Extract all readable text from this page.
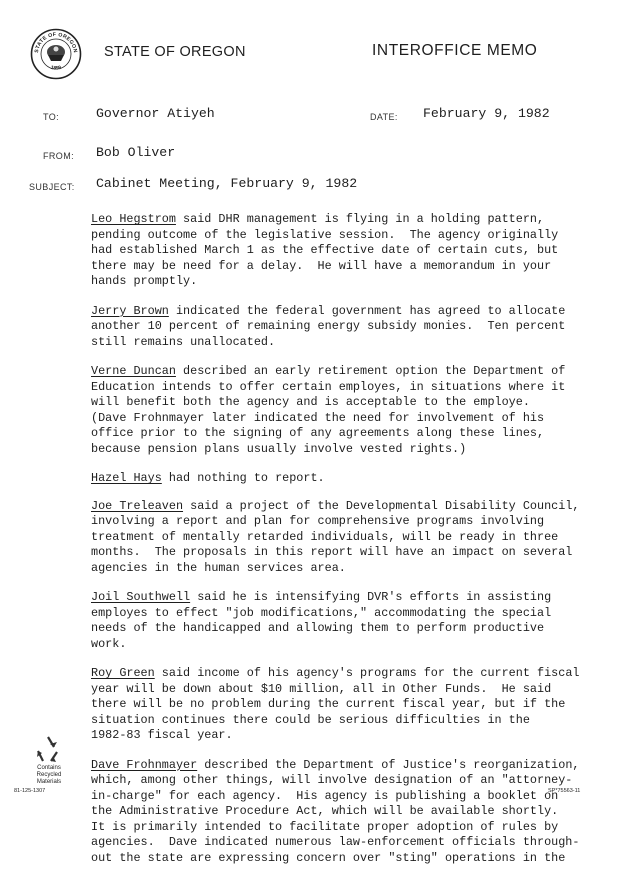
STATE OF OREGON
1859
STATE OF OREGON	INTEROFFICE MEMO
TO:	Governor Atiyeh	DATE: February 9, 1982
FROM: Bob Oliver
SUBJECT: Cabinet Meeting, February 9, 1982

Leo Hegstrom said DHR management is flying in a holding pattern,
pending outcome of the legislative session.  The agency originally
had established March 1 as the effective date of certain cuts, but
there may be need for a delay.  He will have a memorandum in your
hands promptly.

Jerry Brown indicated the federal government has agreed to allocate
another 10 percent of remaining energy subsidy monies.  Ten percent
still remains unallocated.

Verne Duncan described an early retirement option the Department of
Education intends to offer certain employes, in situations where it
will benefit both the agency and is acceptable to the employe.
(Dave Frohnmayer later indicated the need for involvement of his
office prior to the signing of any agreements along these lines,
because pension plans usually involve vested rights.)

Hazel Hays had nothing to report.

Joe Treleaven said a project of the Developmental Disability Council,
involving a report and plan for comprehensive programs involving
treatment of mentally retarded individuals, will be ready in three
months.  The proposals in this report will have an impact on several
agencies in the human services area.

Joil Southwell said he is intensifying DVR's efforts in assisting
employes to effect "job modifications," accommodating the special
needs of the handicapped and allowing them to perform productive
work.

Roy Green said income of his agency's programs for the current fiscal
year will be down about $10 million, all in Other Funds.  He said
there will be no problem during the current fiscal year, but if the
situation continues there could be serious difficulties in the
1982-83 fiscal year.

Dave Frohnmayer described the Department of Justice's reorganization,
which, among other things, will involve designation of an "attorney-
in-charge" for each agency.  His agency is publishing a booklet on
the Administrative Procedure Act, which will be available shortly.
It is primarily intended to facilitate proper adoption of rules by
agencies.  Dave indicated numerous law-enforcement officials through-
out the state are expressing concern over "sting" operations in the

Contains
Recycled
Materials
81-125-1307	SP*75563-11
